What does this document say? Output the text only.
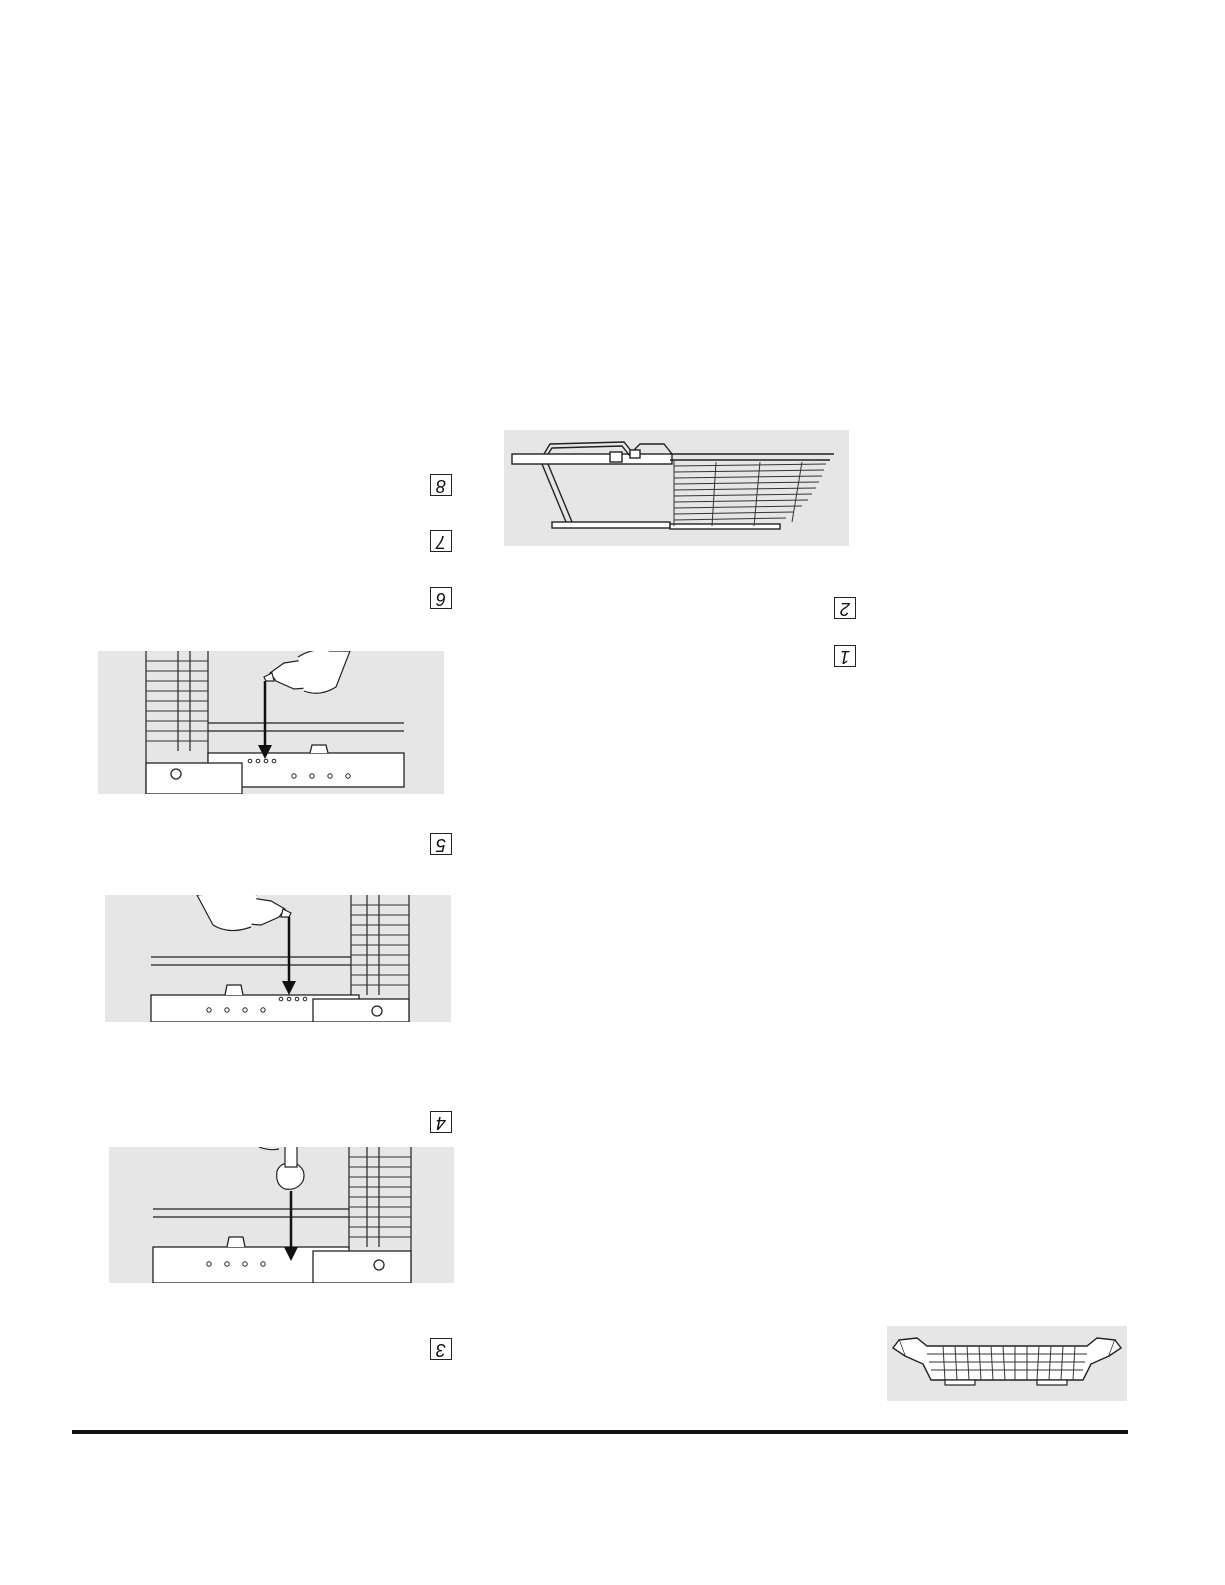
8
7
6
5
4
3
2
1
